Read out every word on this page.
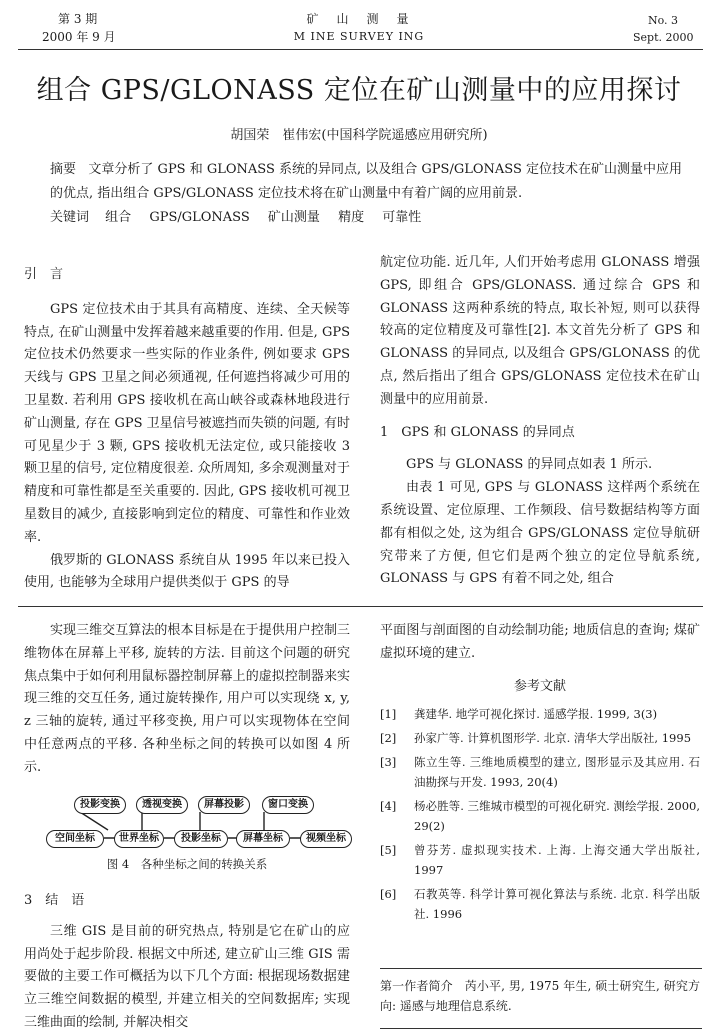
第 3 期
2000 年 9 月
矿　山　测　量
M INE SURVEY ING
No. 3
Sept. 2000
组合 GPS/GLONASS 定位在矿山测量中的应用探讨
胡国荣　崔伟宏(中国科学院遥感应用研究所)
摘要 文章分析了 GPS 和 GLONASS 系统的异同点, 以及组合 GPS/GLONASS 定位技术在矿山测量中应用的优点, 指出组合 GPS/GLONASS 定位技术将在矿山测量中有着广阔的应用前景.
关键词 组合 GPS/GLONASS 矿山测量 精度 可靠性

引　言

GPS 定位技术由于其具有高精度、连续、全天候等特点, 在矿山测量中发挥着越来越重要的作用. 但是, GPS 定位技术仍然要求一些实际的作业条件, 例如要求 GPS 天线与 GPS 卫星之间必须通视, 任何遮挡将减少可用的卫星数. 若利用 GPS 接收机在高山峡谷或森林地段进行矿山测量, 存在 GPS 卫星信号被遮挡而失锁的问题, 有时可见星少于 3 颗, GPS 接收机无法定位, 或只能接收 3 颗卫星的信号, 定位精度很差. 众所周知, 多余观测量对于精度和可靠性都是至关重要的. 因此, GPS 接收机可视卫星数目的减少, 直接影响到定位的精度、可靠性和作业效率.

俄罗斯的 GLONASS 系统自从 1995 年以来已投入使用, 也能够为全球用户提供类似于 GPS 的导

航定位功能. 近几年, 人们开始考虑用 GLONASS 增强 GPS, 即组合 GPS/GLONASS. 通过综合 GPS 和 GLONASS 这两种系统的特点, 取长补短, 则可以获得较高的定位精度及可靠性[2]. 本文首先分析了 GPS 和 GLONASS 的异同点, 以及组合 GPS/GLONASS 的优点, 然后指出了组合 GPS/GLONASS 定位技术在矿山测量中的应用前景.

1　GPS 和 GLONASS 的异同点

GPS 与 GLONASS 的异同点如表 1 所示.

由表 1 可见, GPS 与 GLONASS 这样两个系统在系统设置、定位原理、工作频段、信号数据结构等方面都有相似之处, 这为组合 GPS/GLONASS 定位导航研究带来了方便, 但它们是两个独立的定位导航系统, GLONASS 与 GPS 有着不同之处, 组合

实现三维交互算法的根本目标是在于提供用户控制三维物体在屏幕上平移, 旋转的方法. 目前这个问题的研究焦点集中于如何利用鼠标器控制屏幕上的虚拟控制器来实现三维的交互任务, 通过旋转操作, 用户可以实现绕 x, y, z 三轴的旋转, 通过平移变换, 用户可以实现物体在空间中任意两点的平移. 各种坐标之间的转换可以如图 4 所示.

投影变换	透视变换	屏幕投影	窗口变换
空间坐标	世界坐标	投影坐标	屏幕坐标	视频坐标
图 4　各种坐标之间的转换关系

3　结　语

三维 GIS 是目前的研究热点, 特别是它在矿山的应用尚处于起步阶段. 根据文中所述, 建立矿山三维 GIS 需要做的主要工作可概括为以下几个方面: 根据现场数据建立三维空间数据的模型, 并建立相关的空间数据库; 实现三维曲面的绘制, 并解决相交

平面图与剖面图的自动绘制功能; 地质信息的查询; 煤矿虚拟环境的建立.

参考文献

[1] 龚建华. 地学可视化探讨. 遥感学报. 1999, 3(3)

[2] 孙家广等. 计算机图形学. 北京. 清华大学出版社, 1995

[3] 陈立生等. 三维地质模型的建立, 图形显示及其应用. 石油勘探与开发. 1993, 20(4)

[4] 杨必胜等. 三维城市模型的可视化研究. 测绘学报. 2000, 29(2)

[5] 曾芬芳. 虚拟现实技术. 上海. 上海交通大学出版社, 1997

[6] 石教英等. 科学计算可视化算法与系统. 北京. 科学出版社. 1996

第一作者简介 芮小平, 男, 1975 年生, 硕士研究生, 研究方向: 遥感与地理信息系统.
